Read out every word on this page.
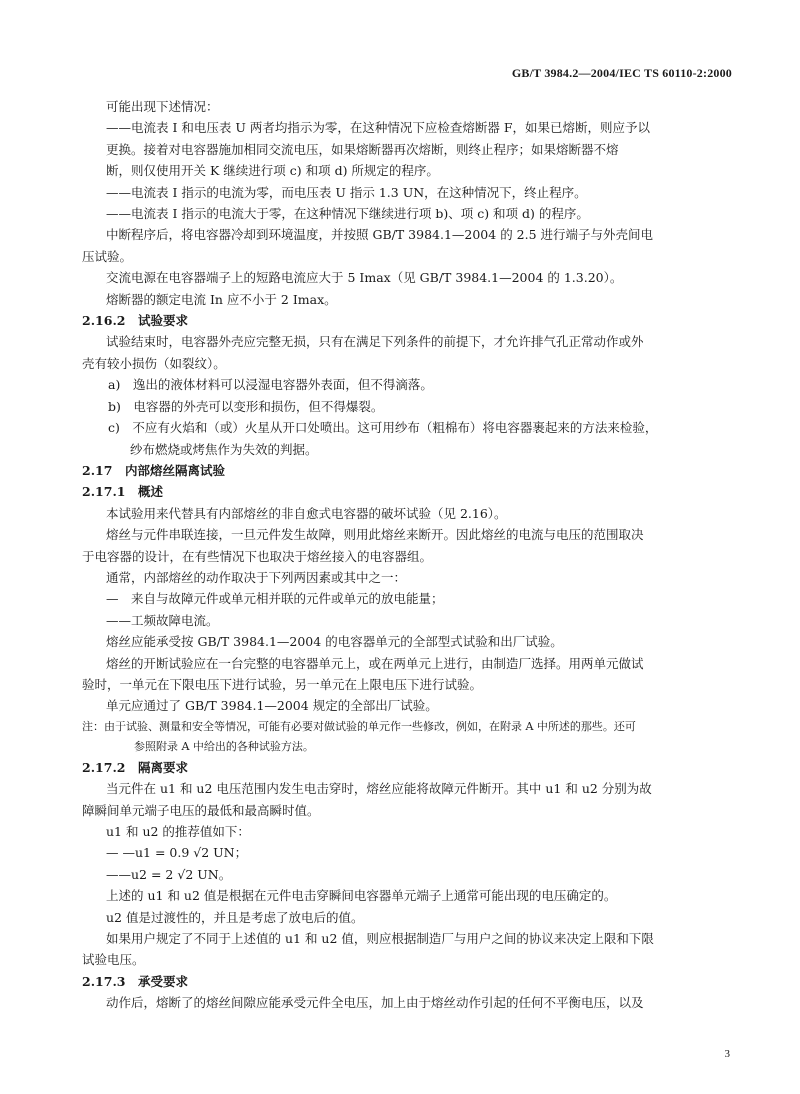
GB/T 3984.2—2004/IEC TS 60110-2:2000
可能出现下述情况：
——电流表 I 和电压表 U 两者均指示为零，在这种情况下应检查熔断器 F，如果已熔断，则应予以
更换。接着对电容器施加相同交流电压，如果熔断器再次熔断，则终止程序；如果熔断器不熔
断，则仅使用开关 K 继续进行项 c) 和项 d) 所规定的程序。
——电流表 I 指示的电流为零，而电压表 U 指示 1.3 UN，在这种情况下，终止程序。
——电流表 I 指示的电流大于零，在这种情况下继续进行项 b)、项 c) 和项 d) 的程序。
中断程序后，将电容器冷却到环境温度，并按照 GB/T 3984.1—2004 的 2.5 进行端子与外壳间电
压试验。
交流电源在电容器端子上的短路电流应大于 5 Imax（见 GB/T 3984.1—2004 的 1.3.20）。
熔断器的额定电流 In 应不小于 2 Imax。
2.16.2　试验要求
试验结束时，电容器外壳应完整无损，只有在满足下列条件的前提下，才允许排气孔正常动作或外
壳有较小损伤（如裂纹）。
a)　逸出的液体材料可以浸湿电容器外表面，但不得滴落。
b)　电容器的外壳可以变形和损伤，但不得爆裂。
c)　不应有火焰和（或）火星从开口处喷出。这可用纱布（粗棉布）将电容器裹起来的方法来检验，
纱布燃烧或烤焦作为失效的判据。
2.17　内部熔丝隔离试验
2.17.1　概述
本试验用来代替具有内部熔丝的非自愈式电容器的破坏试验（见 2.16）。
熔丝与元件串联连接，一旦元件发生故障，则用此熔丝来断开。因此熔丝的电流与电压的范围取决
于电容器的设计，在有些情况下也取决于熔丝接入的电容器组。
通常，内部熔丝的动作取决于下列两因素或其中之一：
—　来自与故障元件或单元相并联的元件或单元的放电能量；
——工频故障电流。
熔丝应能承受按 GB/T 3984.1—2004 的电容器单元的全部型式试验和出厂试验。
熔丝的开断试验应在一台完整的电容器单元上，或在两单元上进行，由制造厂选择。用两单元做试
验时，一单元在下限电压下进行试验，另一单元在上限电压下进行试验。
单元应通过了 GB/T 3984.1—2004 规定的全部出厂试验。
注：由于试验、测量和安全等情况，可能有必要对做试验的单元作一些修改，例如，在附录 A 中所述的那些。还可
参照附录 A 中给出的各种试验方法。
2.17.2　隔离要求
当元件在 u1 和 u2 电压范围内发生电击穿时，熔丝应能将故障元件断开。其中 u1 和 u2 分别为故
障瞬间单元端子电压的最低和最高瞬时值。
u1 和 u2 的推荐值如下：
— —u1 = 0.9 √2 UN；
——u2 = 2 √2 UN。
上述的 u1 和 u2 值是根据在元件电击穿瞬间电容器单元端子上通常可能出现的电压确定的。
u2 值是过渡性的，并且是考虑了放电后的值。
如果用户规定了不同于上述值的 u1 和 u2 值，则应根据制造厂与用户之间的协议来决定上限和下限
试验电压。
2.17.3　承受要求
动作后，熔断了的熔丝间隙应能承受元件全电压，加上由于熔丝动作引起的任何不平衡电压，以及
3
